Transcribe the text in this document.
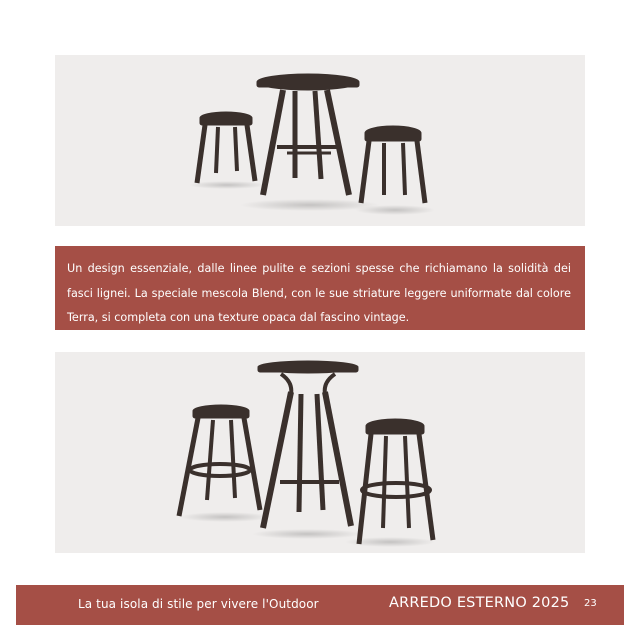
Un design essenziale, dalle linee pulite e sezioni spesse che richiamano la solidità dei fasci lignei. La speciale mescola Blend, con le sue striature leggere uniformate dal colore Terra, si completa con una texture opaca dal fascino vintage.
La tua isola di stile per vivere l'Outdoor	ARREDO ESTERNO 2025 23
